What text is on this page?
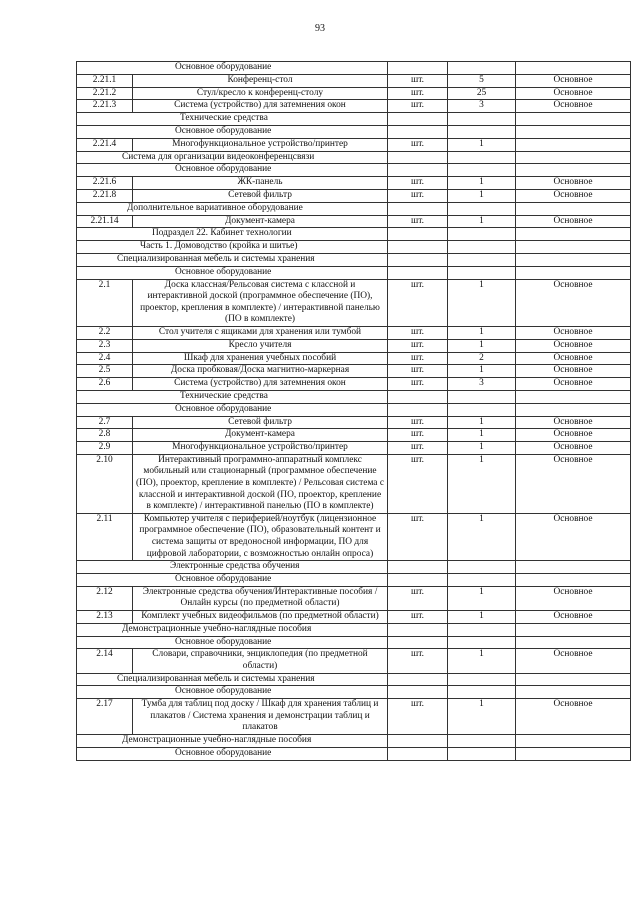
93
Основное оборудование				
2.21.1	Конференц-стол	шт.	5	Основное
2.21.2	Стул/кресло к конференц-столу	шт.	25	Основное
2.21.3	Система (устройство) для затемнения окон	шт.	3	Основное
Технические средства				
Основное оборудование				
2.21.4	Многофункциональное устройство/принтер	шт.	1	
Система для организации видеоконференцсвязи				
Основное оборудование				
2.21.6	ЖК-панель	шт.	1	Основное
2.21.8	Сетевой фильтр	шт.	1	Основное
Дополнительное вариативное оборудование				
2.21.14	Документ-камера	шт.	1	Основное
Подраздел 22. Кабинет технологии				
Часть 1. Домоводство (кройка и шитье)				
Специализированная мебель и системы хранения				
Основное оборудование				
2.1	Доска классная/Рельсовая система с классной и интерактивной доской (программное обеспечение (ПО), проектор, крепления в комплекте) / интерактивной панелью (ПО в комплекте)	шт.	1	Основное
2.2	Стол учителя с ящиками для хранения или тумбой	шт.	1	Основное
2.3	Кресло учителя	шт.	1	Основное
2.4	Шкаф для хранения учебных пособий	шт.	2	Основное
2.5	Доска пробковая/Доска магнитно-маркерная	шт.	1	Основное
2.6	Система (устройство) для затемнения окон	шт.	3	Основное
Технические средства				
Основное оборудование				
2.7	Сетевой фильтр	шт.	1	Основное
2.8	Документ-камера	шт.	1	Основное
2.9	Многофункциональное устройство/принтер	шт.	1	Основное
2.10	Интерактивный программно-аппаратный комплекс мобильный или стационарный (программное обеспечение (ПО), проектор, крепление в комплекте) / Рельсовая система с классной и интерактивной доской (ПО, проектор, крепление в комплекте) / интерактивной панелью (ПО в комплекте)	шт.	1	Основное
2.11	Компьютер учителя с периферией/ноутбук (лицензионное программное обеспечение (ПО), образовательный контент и система защиты от вредоносной информации, ПО для цифровой лаборатории, с возможностью онлайн опроса)	шт.	1	Основное
Электронные средства обучения				
Основное оборудование				
2.12	Электронные средства обучения/Интерактивные пособия / Онлайн курсы (по предметной области)	шт.	1	Основное
2.13	Комплект учебных видеофильмов (по предметной области)	шт.	1	Основное
Демонстрационные учебно-наглядные пособия				
Основное оборудование				
2.14	Словари, справочники, энциклопедия (по предметной области)	шт.	1	Основное
Специализированная мебель и системы хранения				
Основное оборудование				
2.17	Тумба для таблиц под доску / Шкаф для хранения таблиц и плакатов / Система хранения и демонстрации таблиц и плакатов	шт.	1	Основное
Демонстрационные учебно-наглядные пособия				
Основное оборудование				
